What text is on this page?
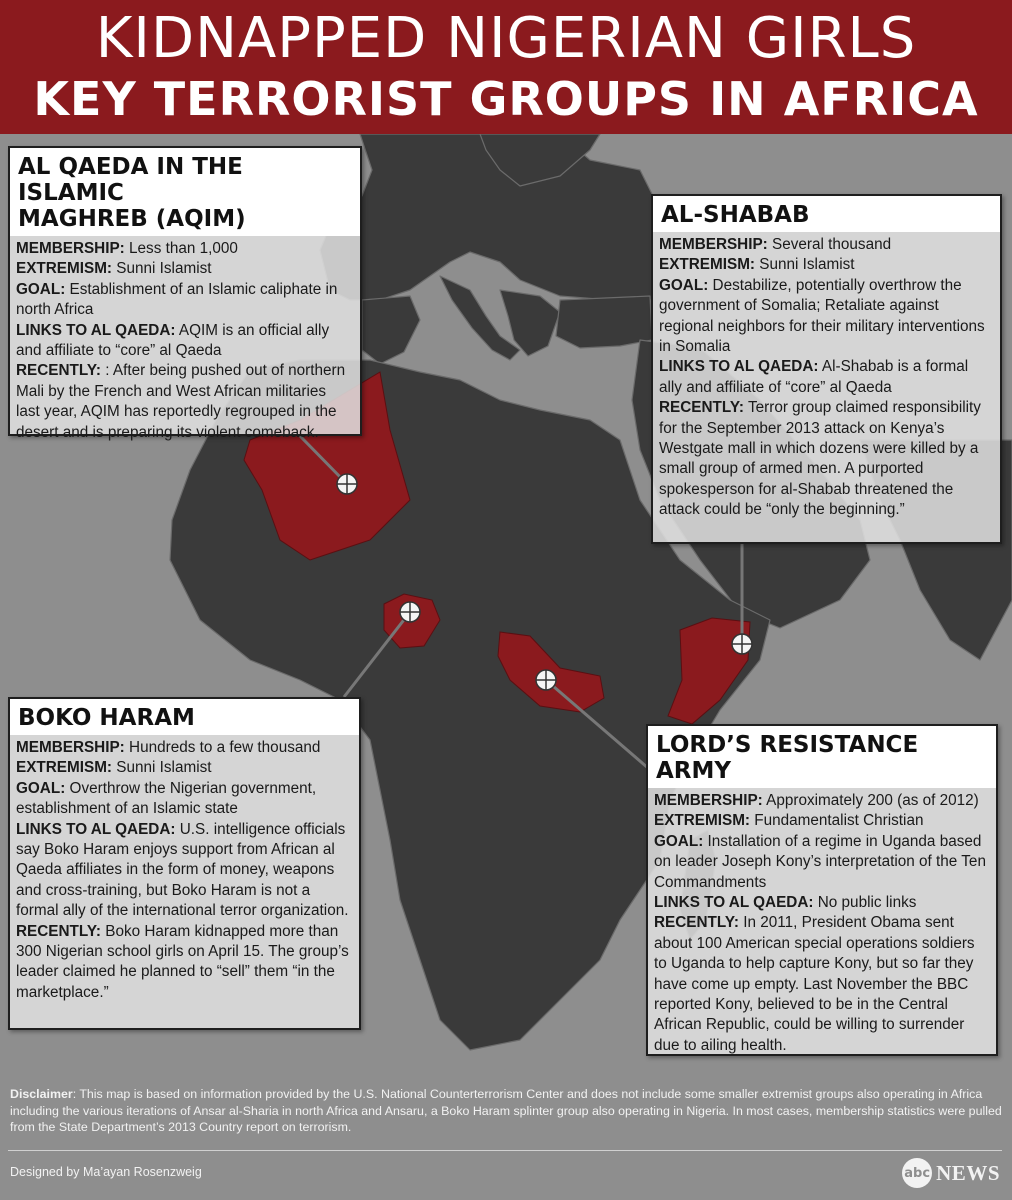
KIDNAPPED NIGERIAN GIRLS
KEY TERRORIST GROUPS IN AFRICA
AL QAEDA IN THE ISLAMIC
MAGHREB (AQIM)

MEMBERSHIP: Less than 1,000

EXTREMISM: Sunni Islamist

GOAL: Establishment of an Islamic caliphate in north Africa

LINKS TO AL QAEDA: AQIM is an official ally and affiliate to “core” al Qaeda

RECENTLY: : After being pushed out of northern Mali by the French and West African militaries last year, AQIM has reportedly regrouped in the desert and is preparing its violent comeback.

AL-SHABAB

MEMBERSHIP: Several thousand

EXTREMISM: Sunni Islamist

GOAL: Destabilize, potentially overthrow the government of Somalia; Retaliate against regional neighbors for their military interventions in Somalia

LINKS TO AL QAEDA: Al-Shabab is a formal ally and affiliate of “core” al Qaeda

RECENTLY: Terror group claimed responsibility for the September 2013 attack on Kenya’s Westgate mall in which dozens were killed by a small group of armed men. A purported spokesperson for al-Shabab threatened the attack could be “only the beginning.”

BOKO HARAM

MEMBERSHIP: Hundreds to a few thousand

EXTREMISM: Sunni Islamist

GOAL: Overthrow the Nigerian government, establishment of an Islamic state

LINKS TO AL QAEDA: U.S. intelligence officials say Boko Haram enjoys support from African al Qaeda affiliates in the form of money, weapons and cross-training, but Boko Haram is not a formal ally of the international terror organization.

RECENTLY: Boko Haram kidnapped more than 300 Nigerian school girls on April 15. The group’s leader claimed he planned to “sell” them “in the marketplace.”

LORD’S RESISTANCE ARMY

MEMBERSHIP: Approximately 200 (as of 2012)

EXTREMISM: Fundamentalist Christian

GOAL: Installation of a regime in Uganda based on leader Joseph Kony’s interpretation of the Ten Commandments

LINKS TO AL QAEDA: No public links

RECENTLY: In 2011, President Obama sent about 100 American special operations soldiers to Uganda to help capture Kony, but so far they have come up empty. Last November the BBC reported Kony, believed to be in the Central African Republic, could be willing to surrender due to ailing health.

Disclaimer: This map is based on information provided by the U.S. National Counterterrorism Center and does not include some smaller extremist groups also operating in Africa including the various iterations of Ansar al-Sharia in north Africa and Ansaru, a Boko Haram splinter group also operating in Nigeria. In most cases, membership statistics were pulled from the State Department’s 2013 Country report on terrorism.
Designed by Ma’ayan Rosenzweig	abc NEWS
